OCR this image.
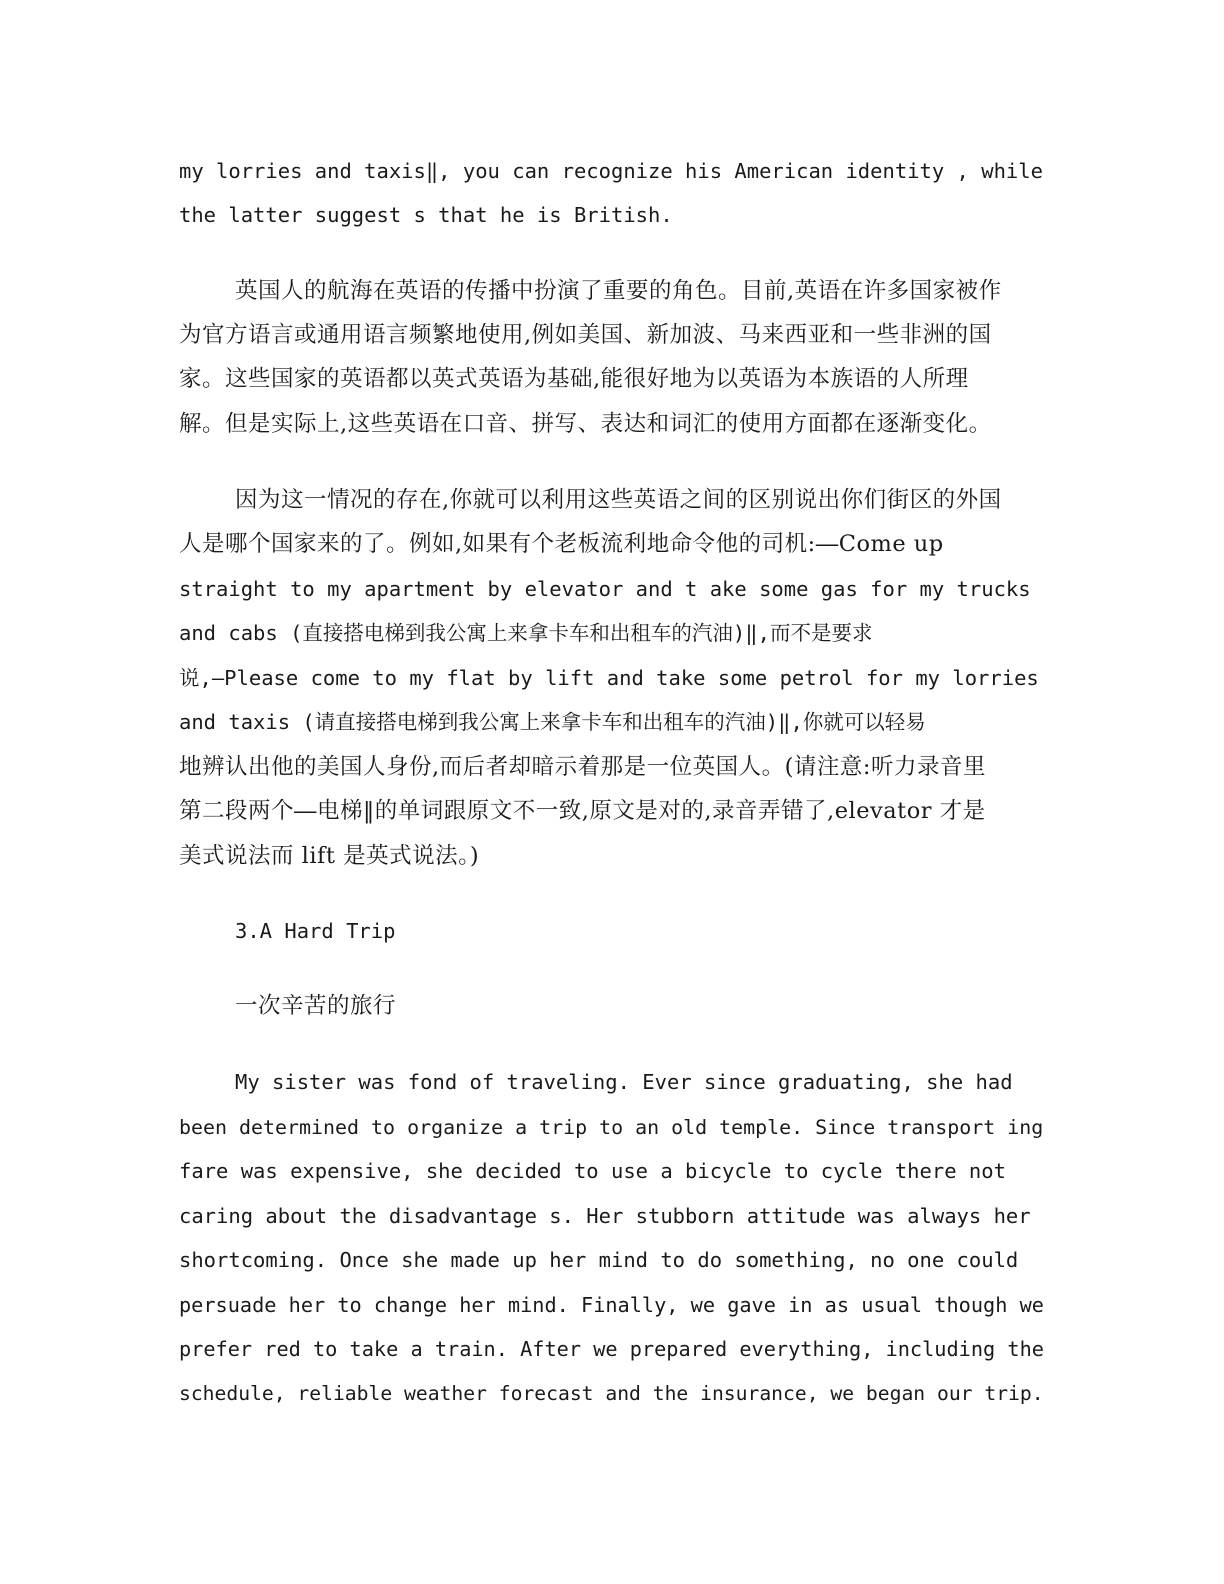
my lorries and taxis‖, you can recognize his American identity , while

the latter suggest s that he is British.

英国人的航海在英语的传播中扮演了重要的角色。目前,英语在许多国家被作

为官方语言或通用语言频繁地使用,例如美国、新加波、马来西亚和一些非洲的国

家。这些国家的英语都以英式英语为基础,能很好地为以英语为本族语的人所理

解。但是实际上,这些英语在口音、拼写、表达和词汇的使用方面都在逐渐变化。

因为这一情况的存在,你就可以利用这些英语之间的区别说出你们街区的外国

人是哪个国家来的了。例如,如果有个老板流利地命令他的司机:―Come up

straight to my apartment by elevator and t ake some gas for my trucks

and cabs (直接搭电梯到我公寓上来拿卡车和出租车的汽油)‖,而不是要求

说,―Please come to my flat by lift and take some petrol for my lorries

and taxis (请直接搭电梯到我公寓上来拿卡车和出租车的汽油)‖,你就可以轻易

地辨认出他的美国人身份,而后者却暗示着那是一位英国人。(请注意:听力录音里

第二段两个―电梯‖的单词跟原文不一致,原文是对的,录音弄错了,elevator 才是

美式说法而 lift 是英式说法。)

3.A Hard Trip

一次辛苦的旅行

My sister was fond of traveling. Ever since graduating, she had

been determined to organize a trip to an old temple. Since transport ing

fare was expensive, she decided to use a bicycle to cycle there not

caring about the disadvantage s. Her stubborn attitude was always her

shortcoming. Once she made up her mind to do something, no one could

persuade her to change her mind. Finally, we gave in as usual though we

prefer red to take a train. After we prepared everything, including the

schedule, reliable weather forecast and the insurance, we began our trip.
